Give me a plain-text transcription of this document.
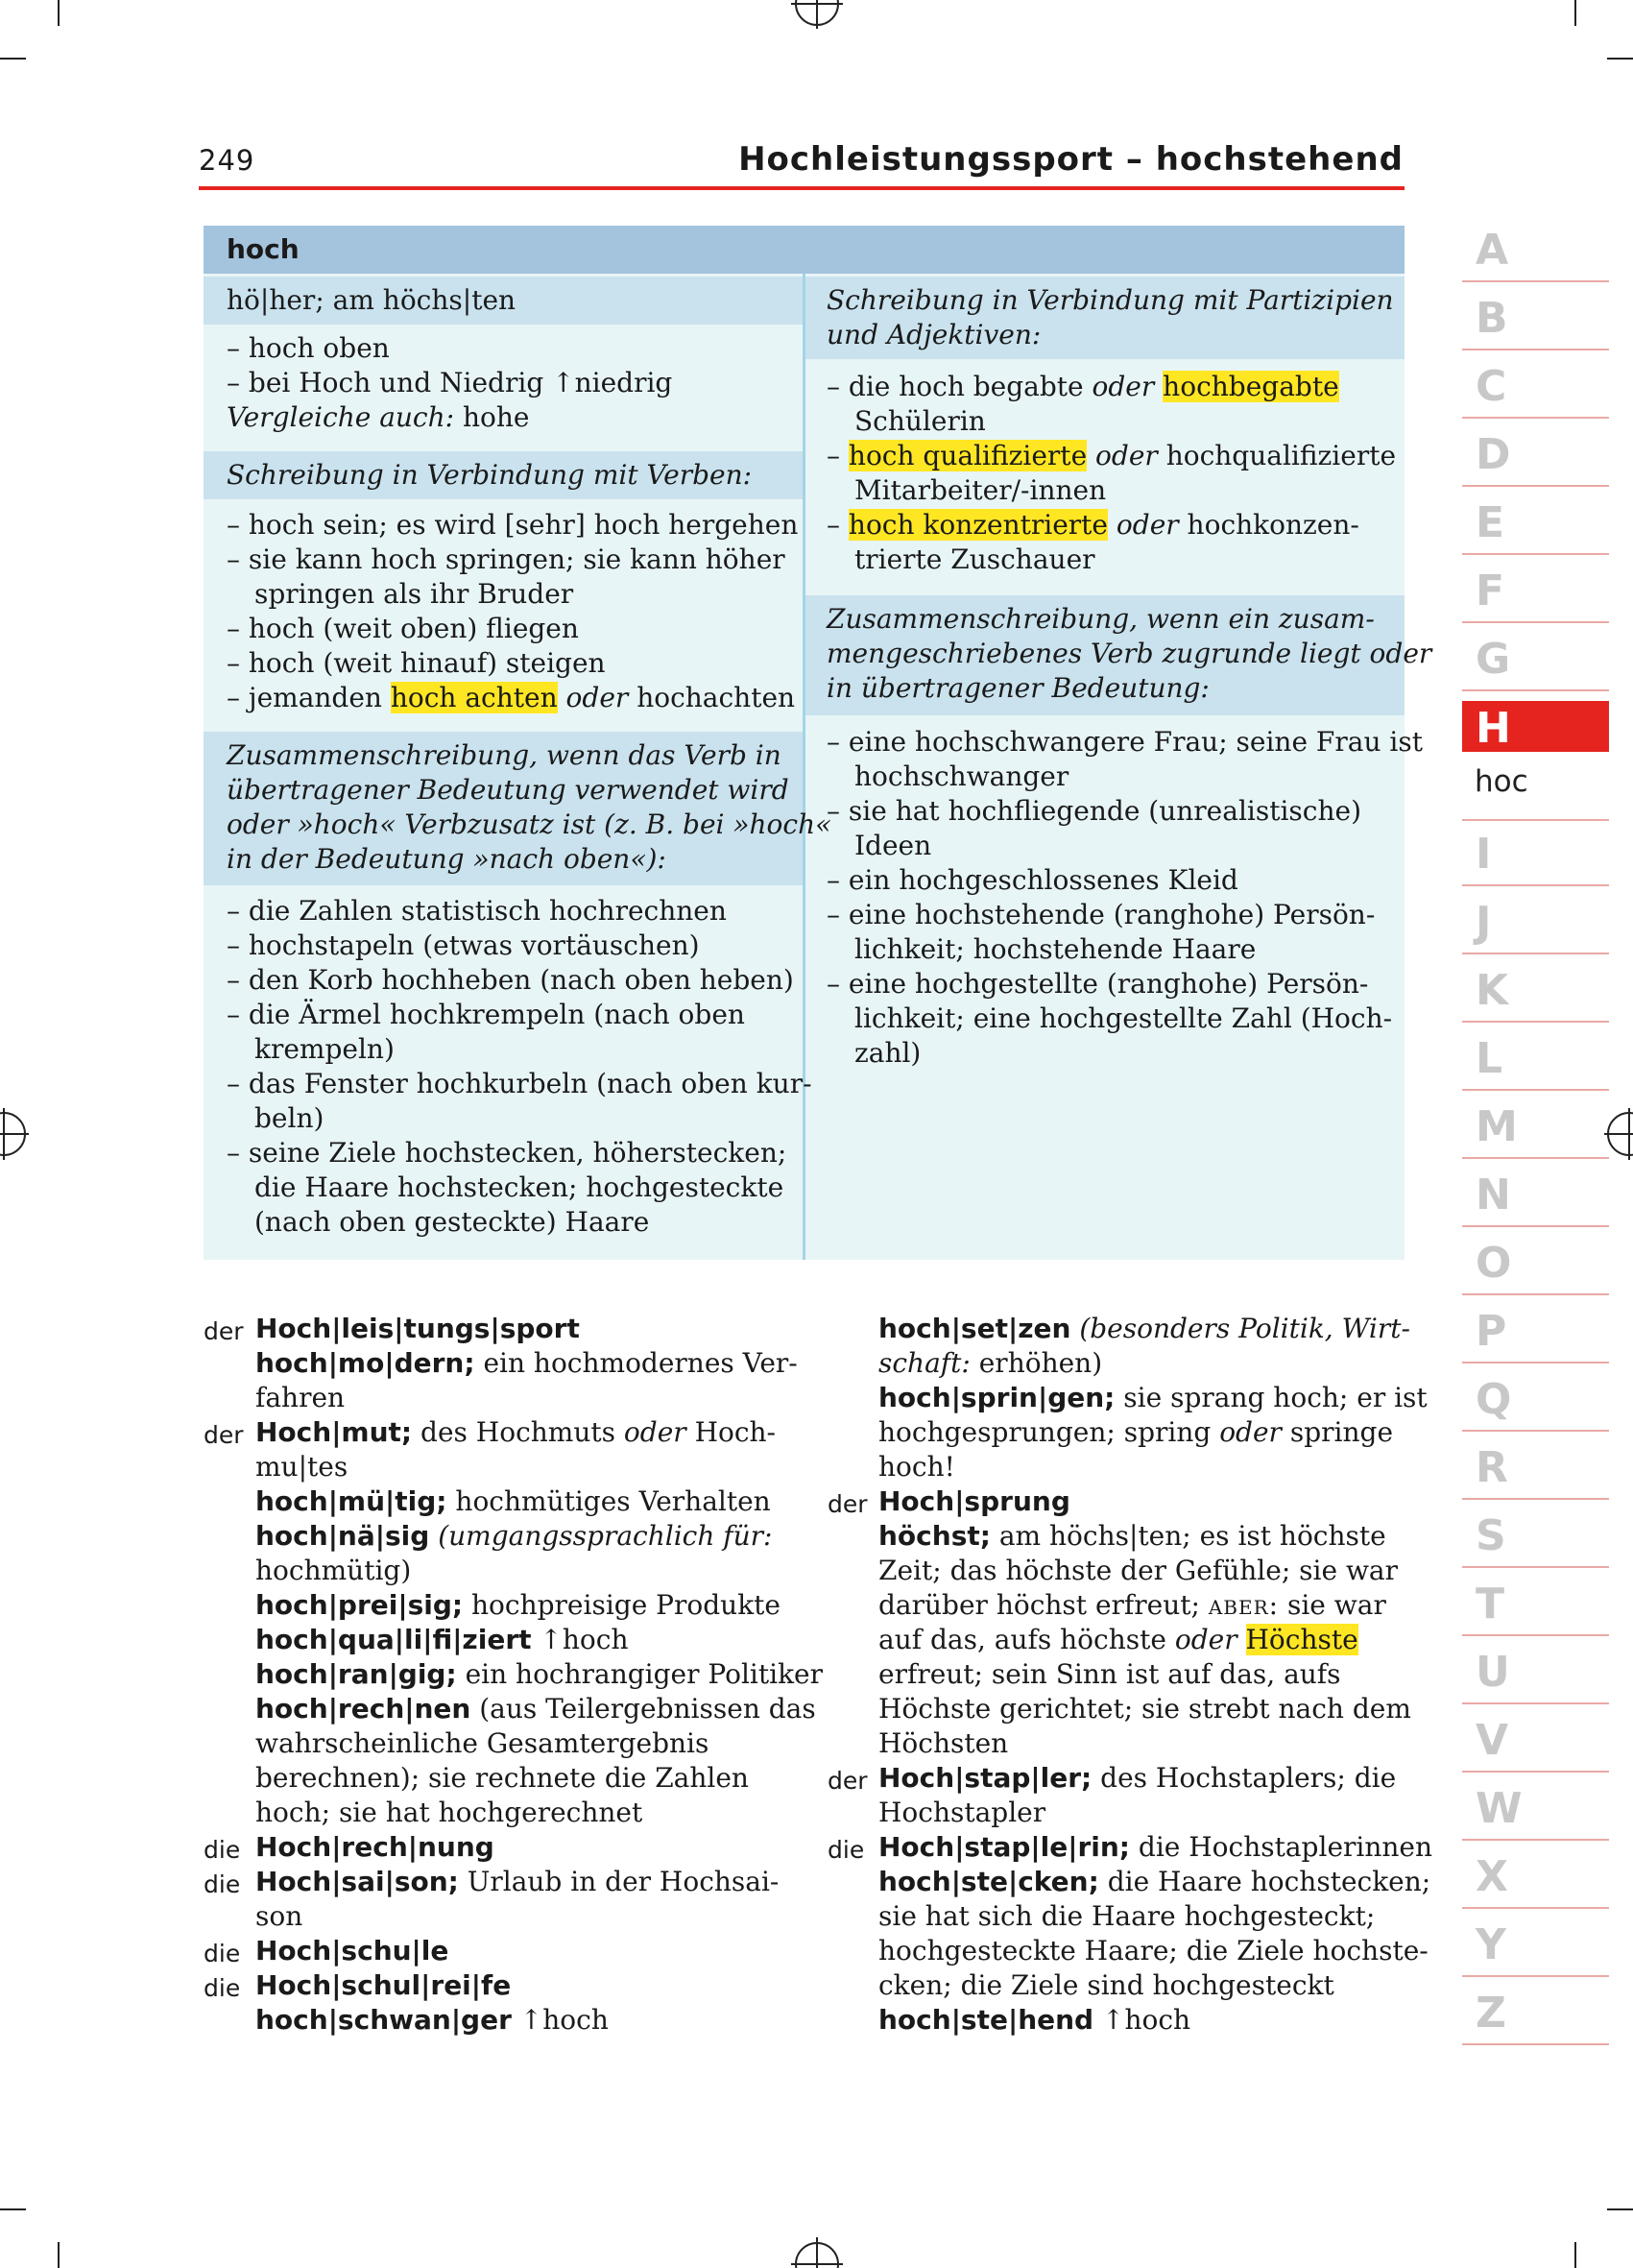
249	Hochleistungssport – hochstehend
hoch
hö|her; am höchs|ten
– hoch oben
– bei Hoch und Niedrig ↑niedrig
Vergleiche auch: hohe
Schreibung in Verbindung mit Verben:
– hoch sein; es wird [sehr] hoch hergehen
– sie kann hoch springen; sie kann höher
springen als ihr Bruder
– hoch (weit oben) fliegen
– hoch (weit hinauf) steigen
– jemanden hoch achten oder hochachten
Zusammenschreibung, wenn das Verb in
übertragener Bedeutung verwendet wird
oder »hoch« Verbzusatz ist (z. B. bei »hoch«
in der Bedeutung »nach oben«):
– die Zahlen statistisch hochrechnen
– hochstapeln (etwas vortäuschen)
– den Korb hochheben (nach oben heben)
– die Ärmel hochkrempeln (nach oben
krempeln)
– das Fenster hochkurbeln (nach oben kur-
beln)
– seine Ziele hochstecken, höherstecken;
die Haare hochstecken; hochgesteckte
(nach oben gesteckte) Haare
Schreibung in Verbindung mit Partizipien
und Adjektiven:
– die hoch begabte oder hochbegabte
Schülerin
– hoch qualifizierte oder hochqualifizierte
Mitarbeiter/-innen
– hoch konzentrierte oder hochkonzen-
trierte Zuschauer
Zusammenschreibung, wenn ein zusam-
mengeschriebenes Verb zugrunde liegt oder
in übertragener Bedeutung:
– eine hochschwangere Frau; seine Frau ist
hochschwanger
– sie hat hochfliegende (unrealistische)
Ideen
– ein hochgeschlossenes Kleid
– eine hochstehende (ranghohe) Persön-
lichkeit; hochstehende Haare
– eine hochgestellte (ranghohe) Persön-
lichkeit; eine hochgestellte Zahl (Hoch-
zahl)
der Hoch|leis|tungs|sport
hoch|mo|dern; ein hochmodernes Ver-
fahren
der Hoch|mut; des Hochmuts oder Hoch-
mu|tes
hoch|mü|tig; hochmütiges Verhalten
hoch|nä|sig (umgangssprachlich für:
hochmütig)
hoch|prei|sig; hochpreisige Produkte
hoch|qua|li|fi|ziert ↑hoch
hoch|ran|gig; ein hochrangiger Politiker
hoch|rech|nen (aus Teilergebnissen das
wahrscheinliche Gesamtergebnis
berechnen); sie rechnete die Zahlen
hoch; sie hat hochgerechnet
die Hoch|rech|nung
die Hoch|sai|son; Urlaub in der Hochsai-
son
die Hoch|schu|le
die Hoch|schul|rei|fe
hoch|schwan|ger ↑hoch
hoch|set|zen (besonders Politik, Wirt-
schaft: erhöhen)
hoch|sprin|gen; sie sprang hoch; er ist
hochgesprungen; spring oder springe
hoch!
der Hoch|sprung
höchst; am höchs|ten; es ist höchste
Zeit; das höchste der Gefühle; sie war
darüber höchst erfreut; aber: sie war
auf das, aufs höchste oder Höchste
erfreut; sein Sinn ist auf das, aufs
Höchste gerichtet; sie strebt nach dem
Höchsten
der Hoch|stap|ler; des Hochstaplers; die
Hochstapler
die Hoch|stap|le|rin; die Hochstaplerinnen
hoch|ste|cken; die Haare hochstecken;
sie hat sich die Haare hochgesteckt;
hochgesteckte Haare; die Ziele hochste-
cken; die Ziele sind hochgesteckt
hoch|ste|hend ↑hoch
A
B
C
D
E
F
G
I
J
K
L
M
N
O
P
Q
R
S
T
U
V
W
X
Y
Z
H
hoc
